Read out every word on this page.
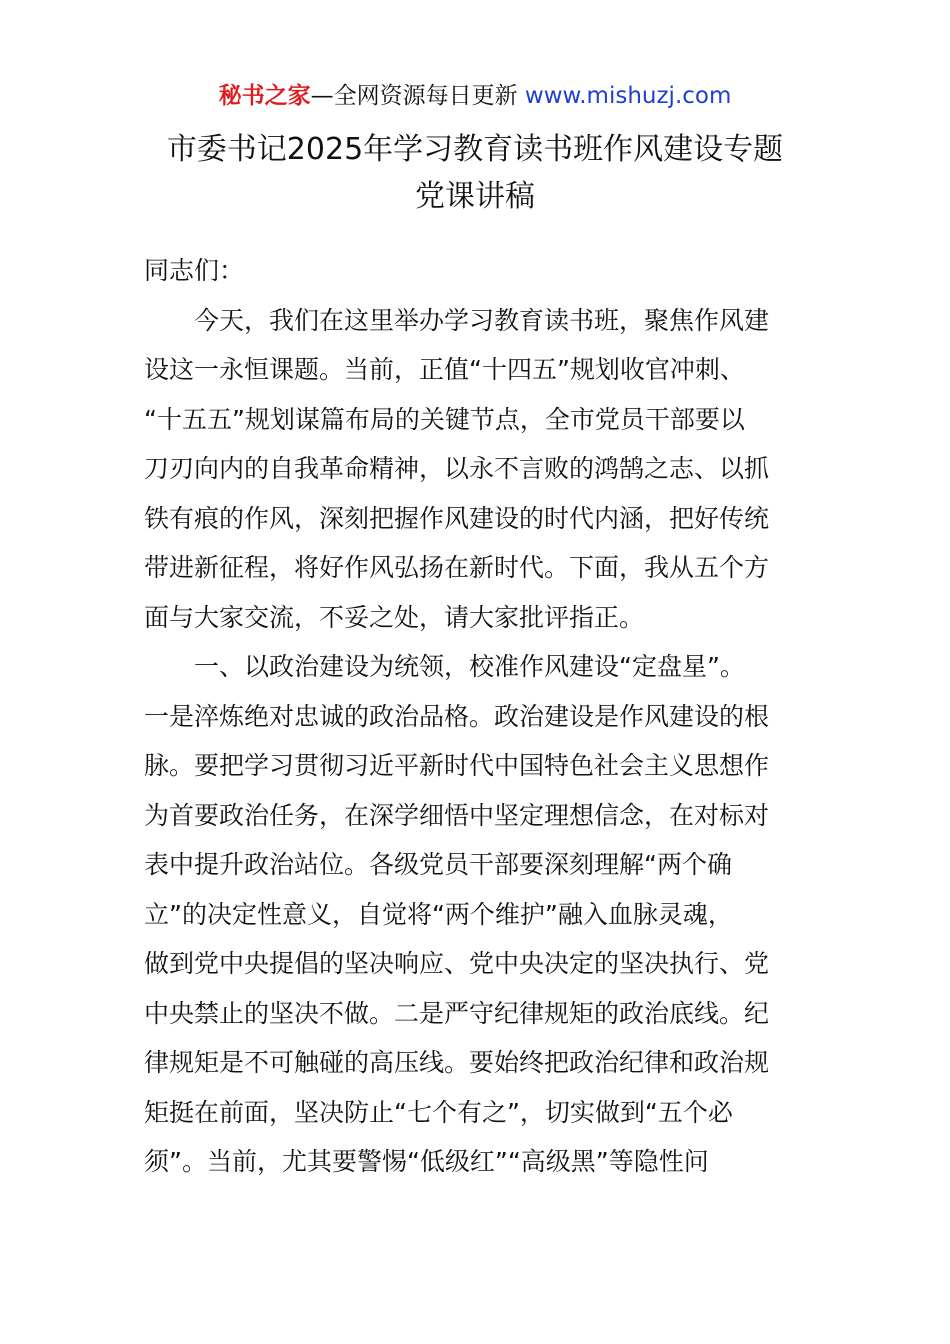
秘书之家—全网资源每日更新 www.mishuzj.com
市委书记2025年学习教育读书班作风建设专题
党课讲稿
同志们：
今天，我们在这里举办学习教育读书班，聚焦作风建
设这一永恒课题。当前，正值“十四五”规划收官冲刺、
“十五五”规划谋篇布局的关键节点，全市党员干部要以
刀刃向内的自我革命精神，以永不言败的鸿鹄之志、以抓
铁有痕的作风，深刻把握作风建设的时代内涵，把好传统
带进新征程，将好作风弘扬在新时代。下面，我从五个方
面与大家交流，不妥之处，请大家批评指正。
一、以政治建设为统领，校准作风建设“定盘星”。
一是淬炼绝对忠诚的政治品格。政治建设是作风建设的根
脉。要把学习贯彻习近平新时代中国特色社会主义思想作
为首要政治任务，在深学细悟中坚定理想信念，在对标对
表中提升政治站位。各级党员干部要深刻理解“两个确
立”的决定性意义，自觉将“两个维护”融入血脉灵魂，
做到党中央提倡的坚决响应、党中央决定的坚决执行、党
中央禁止的坚决不做。二是严守纪律规矩的政治底线。纪
律规矩是不可触碰的高压线。要始终把政治纪律和政治规
矩挺在前面，坚决防止“七个有之”，切实做到“五个必
须”。当前，尤其要警惕“低级红”“高级黑”等隐性问
